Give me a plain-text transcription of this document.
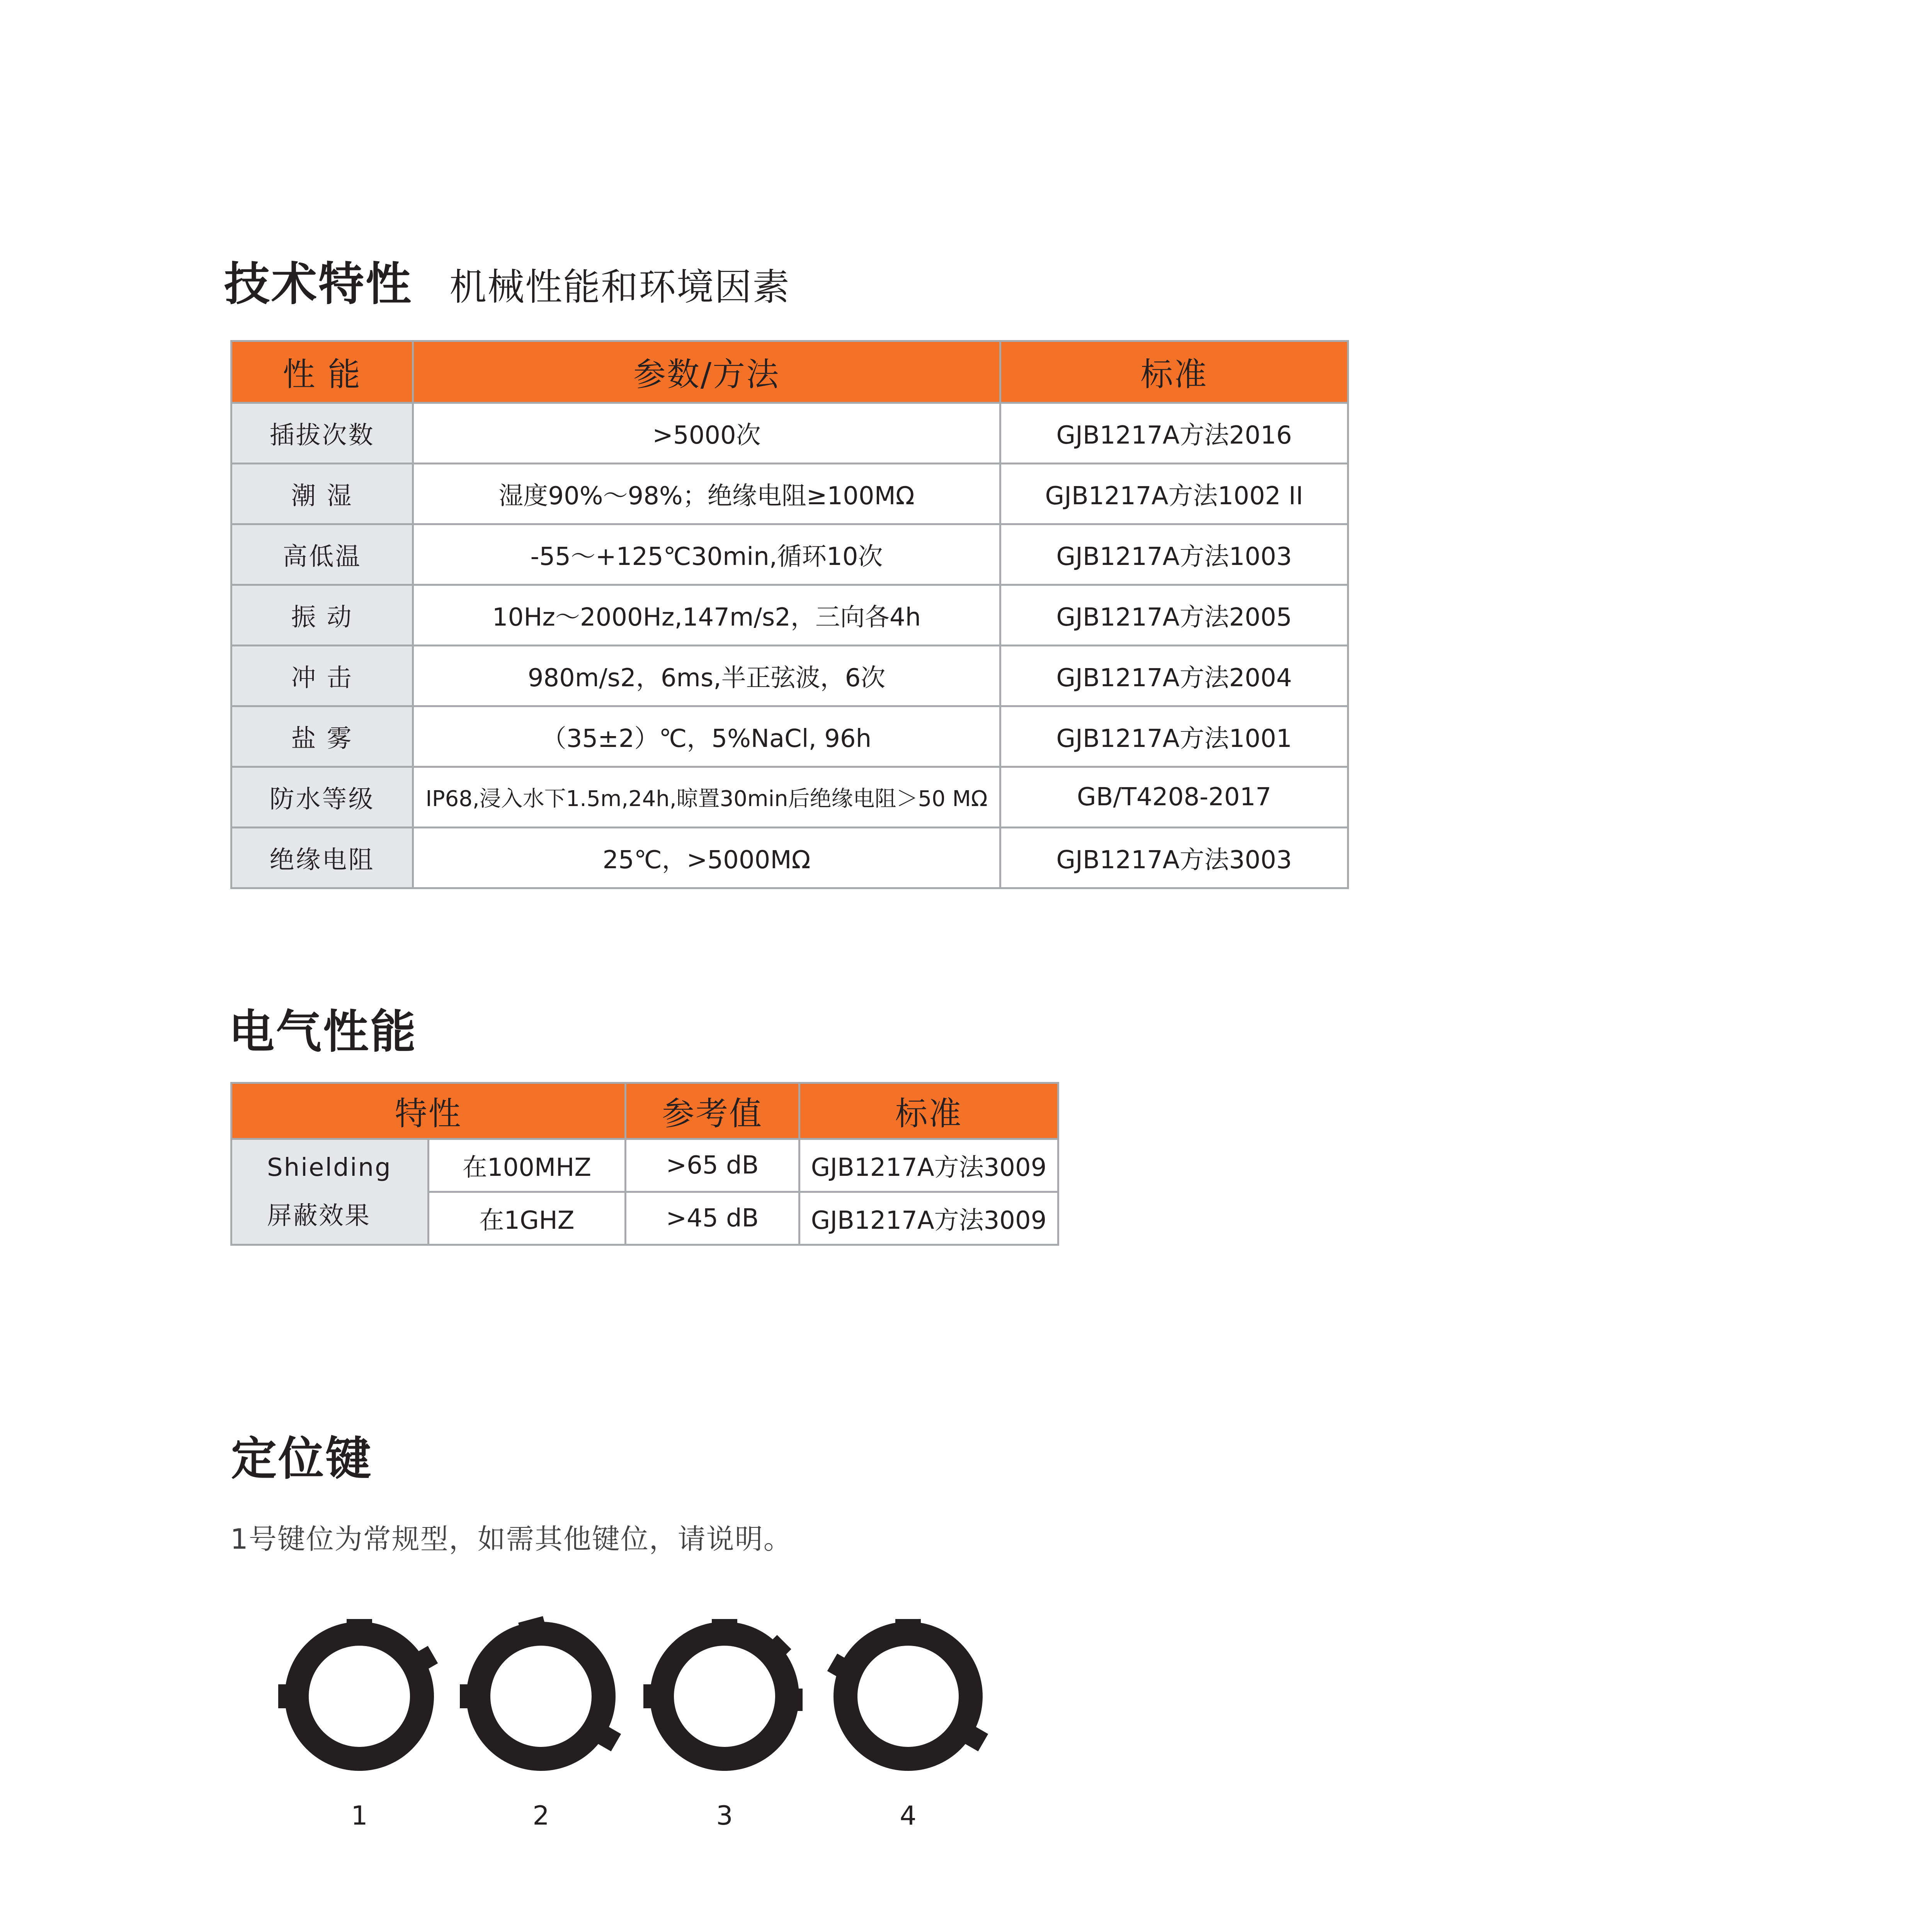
技术特性 机械性能和环境因素
性 能	参数/方法	标准
插拔次数	>5000次	GJB1217A方法2016
潮 湿	湿度90%～98%；绝缘电阻≥100MΩ	GJB1217A方法1002 II
高低温	-55～+125℃30min,循环10次	GJB1217A方法1003
振 动	10Hz～2000Hz,147m/s2，三向各4h	GJB1217A方法2005
冲 击	980m/s2，6ms,半正弦波，6次	GJB1217A方法2004
盐 雾	（35±2）℃，5%NaCl, 96h	GJB1217A方法1001
防水等级	IP68,浸入水下1.5m,24h,晾置30min后绝缘电阻＞50 MΩ	GB/T4208-2017
绝缘电阻	25℃，>5000MΩ	GJB1217A方法3003
电气性能
特性		参考值	标准

Shielding
屏蔽效果	在100MHZ	>65 dB	GJB1217A方法3009
	在1GHZ	>45 dB	GJB1217A方法3009
定位键
1号键位为常规型，如需其他键位，请说明。
1	2	3	4
